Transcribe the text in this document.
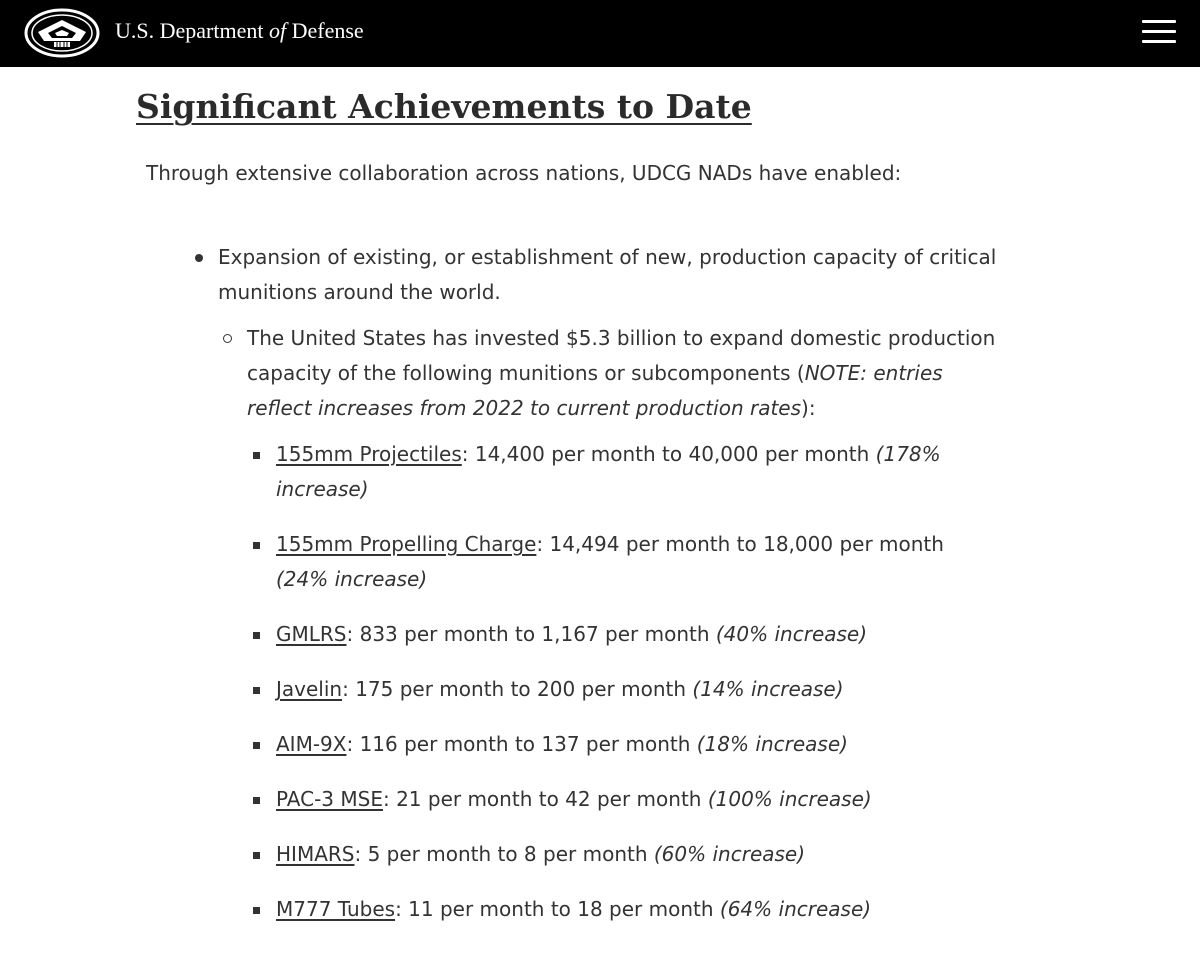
U.S. Department of Defense
Significant Achievements to Date

Through extensive collaboration across nations, UDCG NADs have enabled:

Expansion of existing, or establishment of new, production capacity of critical munitions around the world.
The United States has invested $5.3 billion to expand domestic production capacity of the following munitions or subcomponents (NOTE: entries reflect increases from 2022 to current production rates):
155mm Projectiles: 14,400 per month to 40,000 per month (178% increase)
155mm Propelling Charge: 14,494 per month to 18,000 per month (24% increase)
GMLRS: 833 per month to 1,167 per month (40% increase)
Javelin: 175 per month to 200 per month (14% increase)
AIM-9X: 116 per month to 137 per month (18% increase)
PAC-3 MSE: 21 per month to 42 per month (100% increase)
HIMARS: 5 per month to 8 per month (60% increase)
M777 Tubes: 11 per month to 18 per month (64% increase)
